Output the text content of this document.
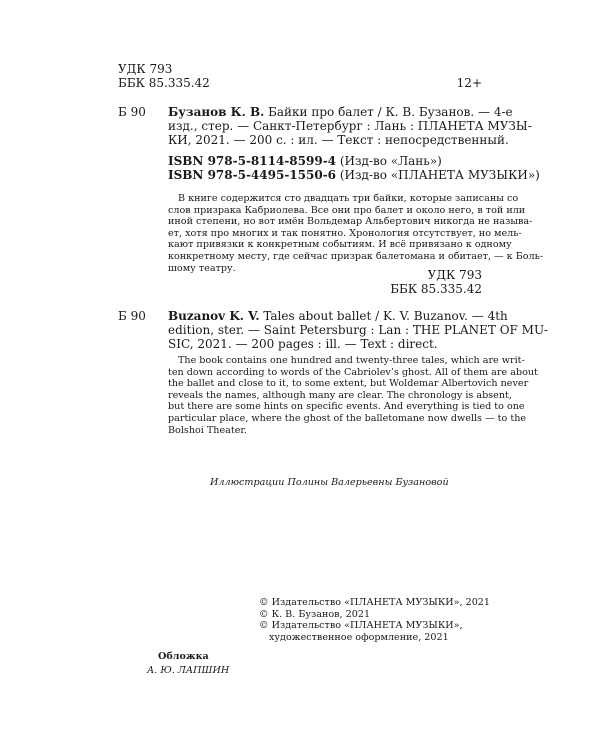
УДК 793
ББК 85.335.42	12+
Б 90 Бузанов К. В. Байки про балет / К. В. Бузанов. — 4-е
изд., стер. — Санкт-Петербург : Лань : ПЛАНЕТА МУЗЫ-
КИ, 2021. — 200 с. : ил. — Текст : непосредственный.
ISBN 978-5-8114-8599-4 (Изд-во «Лань»)
ISBN 978-5-4495-1550-6 (Изд-во «ПЛАНЕТА МУЗЫКИ»)
В книге содержится сто двадцать три байки, которые записаны со
слов призрака Кабриолева. Все они про балет и около него, в той или
иной степени, но вот имён Вольдемар Альбертович никогда не называ-
ет, хотя про многих и так понятно. Хронология отсутствует, но мель-
кают привязки к конкретным событиям. И всё привязано к одному
конкретному месту, где сейчас призрак балетомана и обитает, — к Боль-
шому театру.	УДК 793
ББК 85.335.42
Б 90 Buzanov K. V. Tales about ballet / K. V. Buzanov. — 4th
edition, ster. — Saint Petersburg : Lan : THE PLANET OF MU-
SIC, 2021. — 200 pages : ill. — Text : direct.
The book contains one hundred and twenty-three tales, which are writ-
ten down according to words of the Cabriolev’s ghost. All of them are about
the ballet and close to it, to some extent, but Woldemar Albertovich never
reveals the names, although many are clear. The chronology is absent,
but there are some hints on specific events. And everything is tied to one
particular place, where the ghost of the balletomane now dwells — to the
Bolshoi Theater.
Иллюстрации Полины Валерьевны Бузановой
© Издательство «ПЛАНЕТА МУЗЫКИ», 2021
© К. В. Бузанов, 2021
© Издательство «ПЛАНЕТА МУЗЫКИ»,
художественное оформление, 2021
Обложка
А. Ю. ЛАПШИН
